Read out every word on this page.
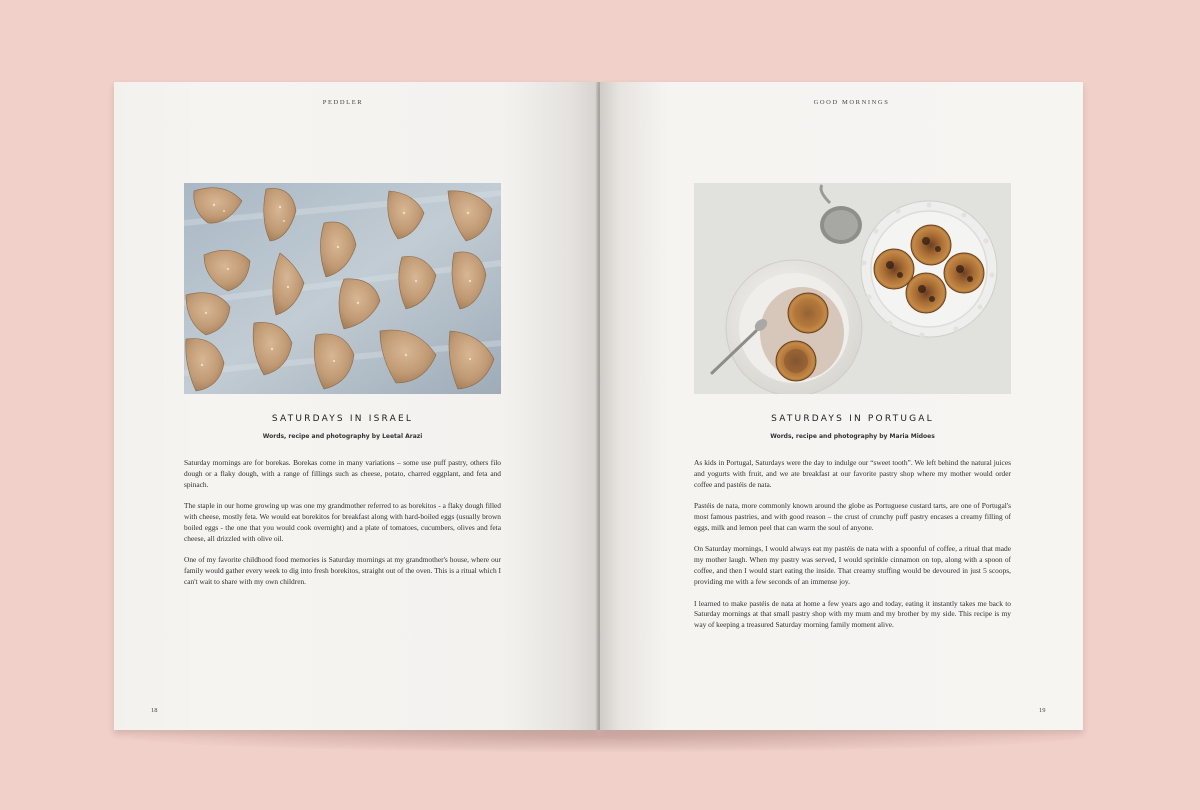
PEDDLER
SATURDAYS IN ISRAEL
Words, recipe and photography by Leetal Arazi

Saturday mornings are for borekas. Borekas come in many variations – some use puff pastry, others filo dough or a flaky dough, with a range of fillings such as cheese, potato, charred eggplant, and feta and spinach.

The staple in our home growing up was one my grandmother referred to as borekitos - a flaky dough filled with cheese, mostly feta. We would eat borekitos for breakfast along with hard-boiled eggs (usually brown boiled eggs - the one that you would cook overnight) and a plate of tomatoes, cucumbers, olives and feta cheese, all drizzled with olive oil.

One of my favorite childhood food memories is Saturday mornings at my grandmother's house, where our family would gather every week to dig into fresh borekitos, straight out of the oven. This is a ritual which I can't wait to share with my own children.

18
GOOD MORNINGS
SATURDAYS IN PORTUGAL
Words, recipe and photography by Maria Midoes

As kids in Portugal, Saturdays were the day to indulge our “sweet tooth”. We left behind the natural juices and yogurts with fruit, and we ate breakfast at our favorite pastry shop where my mother would order coffee and pastéis de nata.

Pastéis de nata, more commonly known around the globe as Portuguese custard tarts, are one of Portugal's most famous pastries, and with good reason – the crust of crunchy puff pastry encases a creamy filling of eggs, milk and lemon peel that can warm the soul of anyone.

On Saturday mornings, I would always eat my pastéis de nata with a spoonful of coffee, a ritual that made my mother laugh. When my pastry was served, I would sprinkle cinnamon on top, along with a spoon of coffee, and then I would start eating the inside. That creamy stuffing would be devoured in just 5 scoops, providing me with a few seconds of an immense joy.

I learned to make pastéis de nata at home a few years ago and today, eating it instantly takes me back to Saturday mornings at that small pastry shop with my mum and my brother by my side. This recipe is my way of keeping a treasured Saturday morning family moment alive.

19
